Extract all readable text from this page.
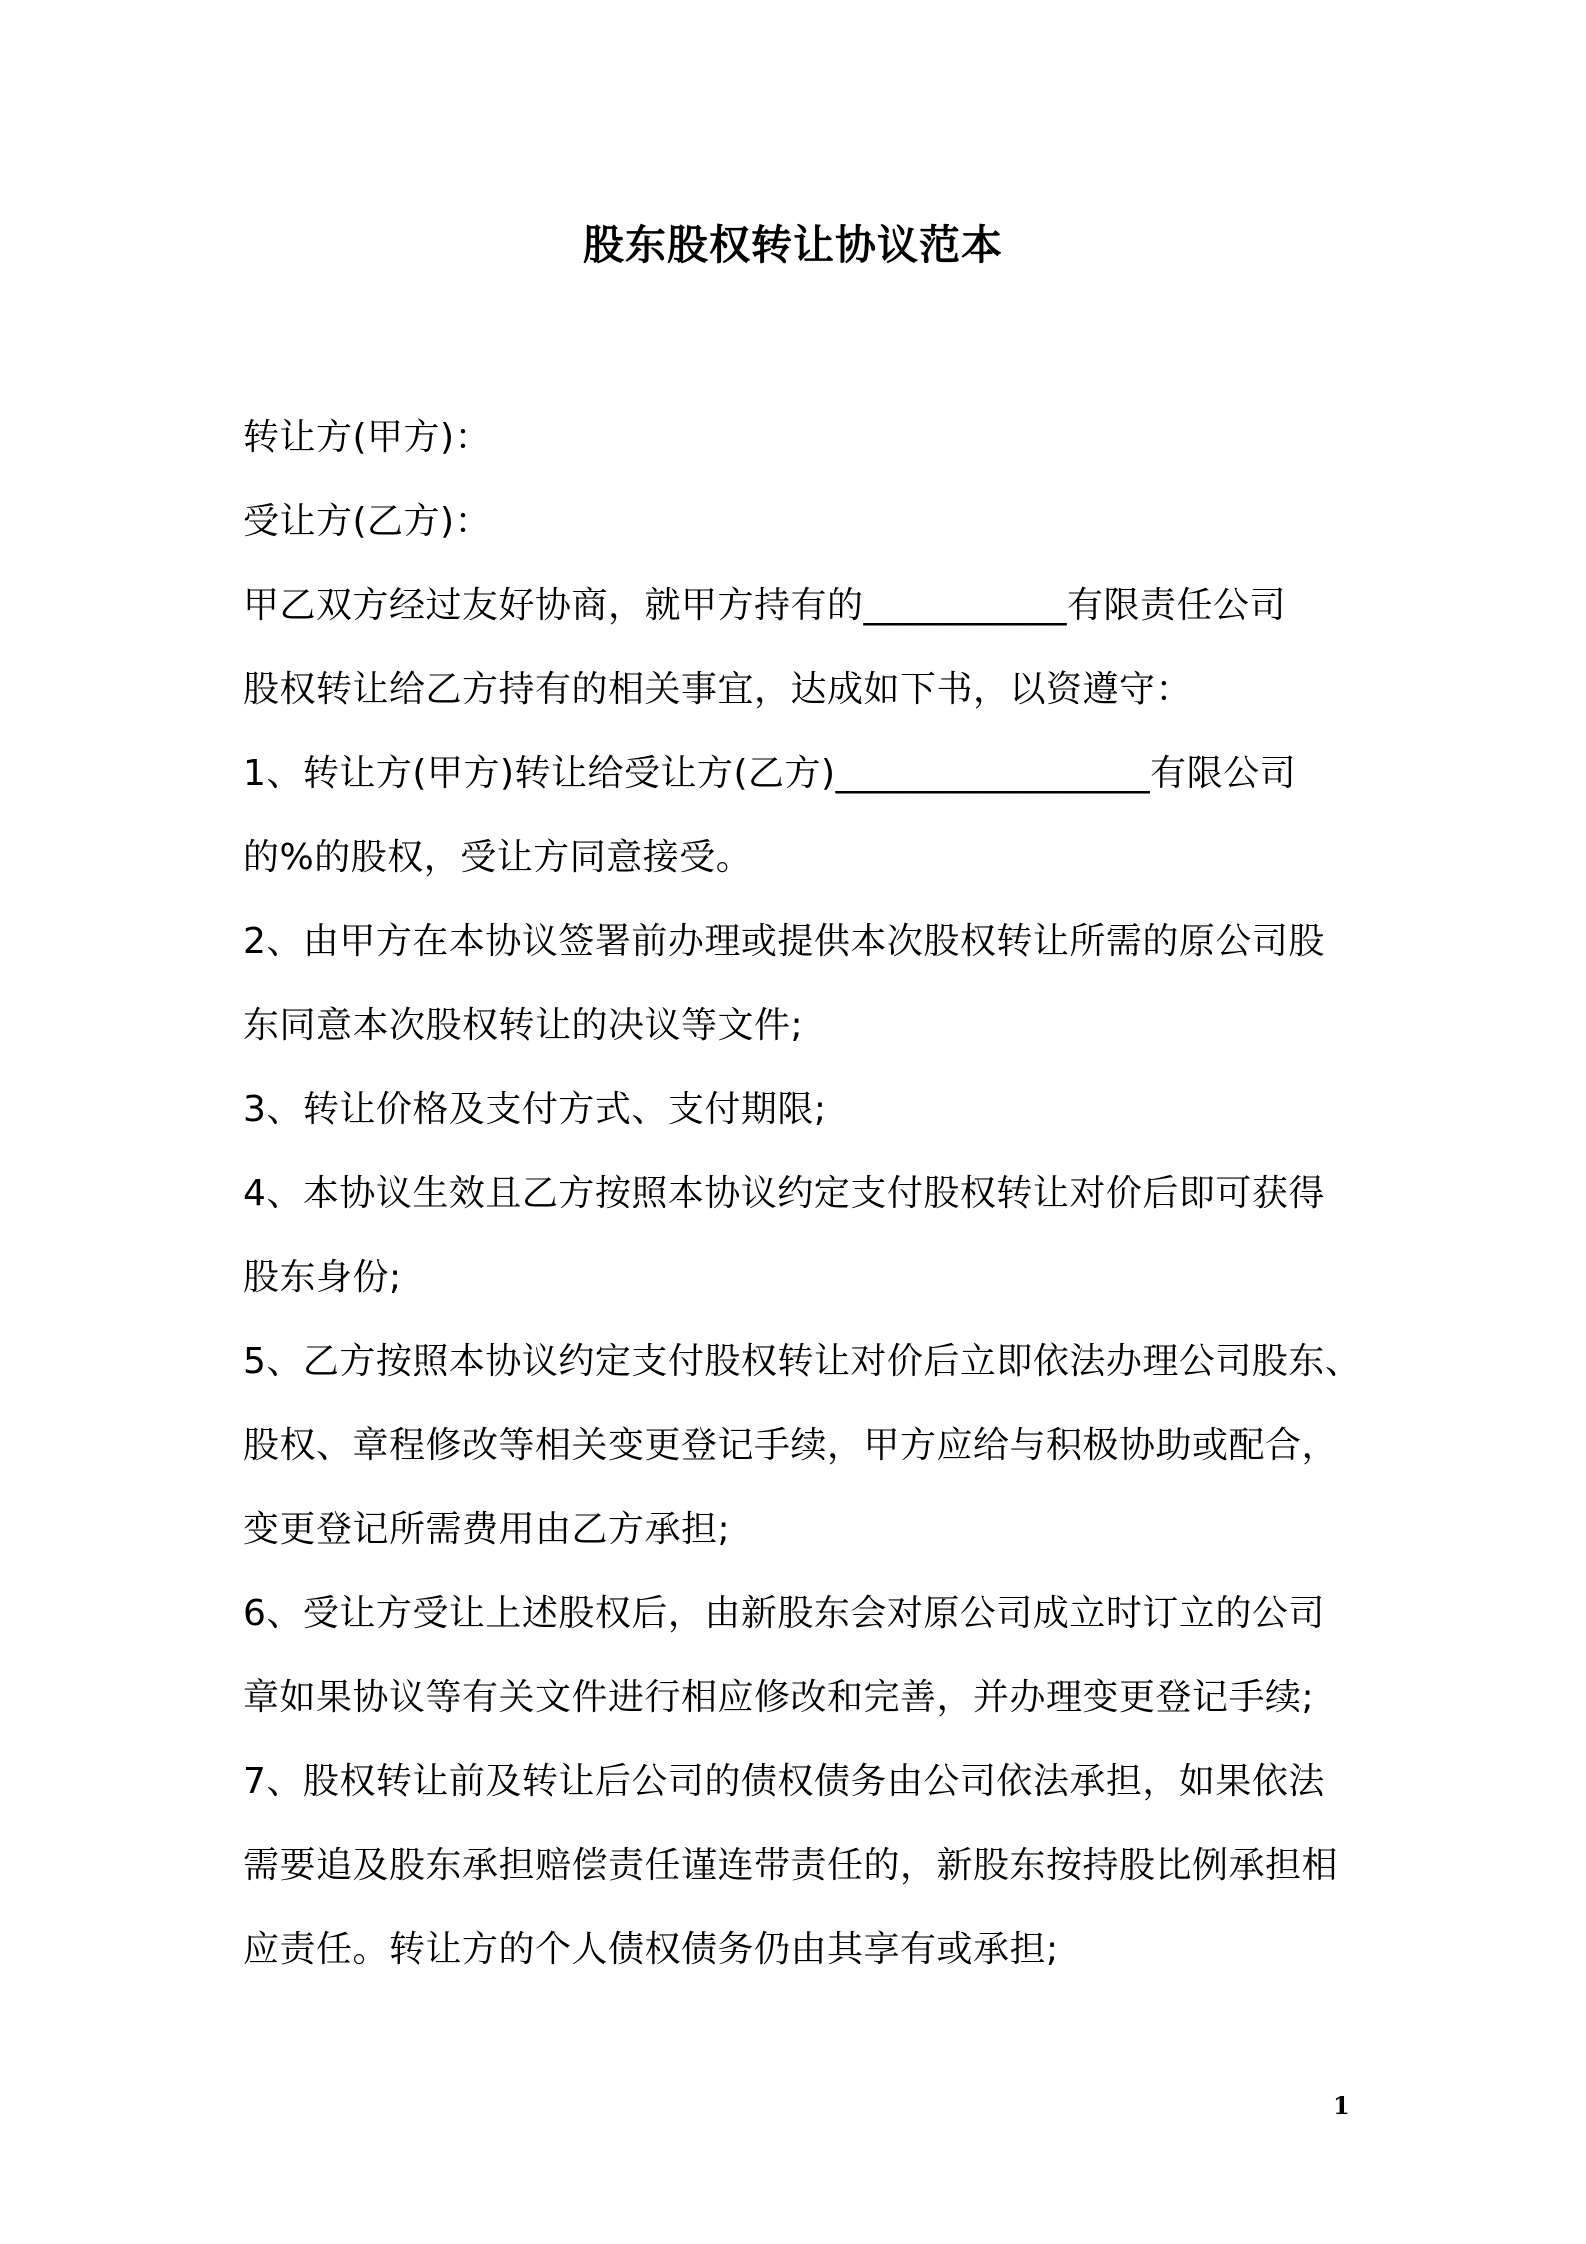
股东股权转让协议范本
转让方(甲方)：
受让方(乙方)：
甲乙双方经过友好协商，就甲方持有的___________有限责任公司
股权转让给乙方持有的相关事宜，达成如下书，以资遵守：
1、转让方(甲方)转让给受让方(乙方)_________________有限公司
的%的股权，受让方同意接受。
2、由甲方在本协议签署前办理或提供本次股权转让所需的原公司股
东同意本次股权转让的决议等文件;
3、转让价格及支付方式、支付期限;
4、本协议生效且乙方按照本协议约定支付股权转让对价后即可获得
股东身份;
5、乙方按照本协议约定支付股权转让对价后立即依法办理公司股东、
股权、章程修改等相关变更登记手续，甲方应给与积极协助或配合，
变更登记所需费用由乙方承担;
6、受让方受让上述股权后，由新股东会对原公司成立时订立的公司
章如果协议等有关文件进行相应修改和完善，并办理变更登记手续;
7、股权转让前及转让后公司的债权债务由公司依法承担，如果依法
需要追及股东承担赔偿责任谨连带责任的，新股东按持股比例承担相
应责任。转让方的个人债权债务仍由其享有或承担;
1
